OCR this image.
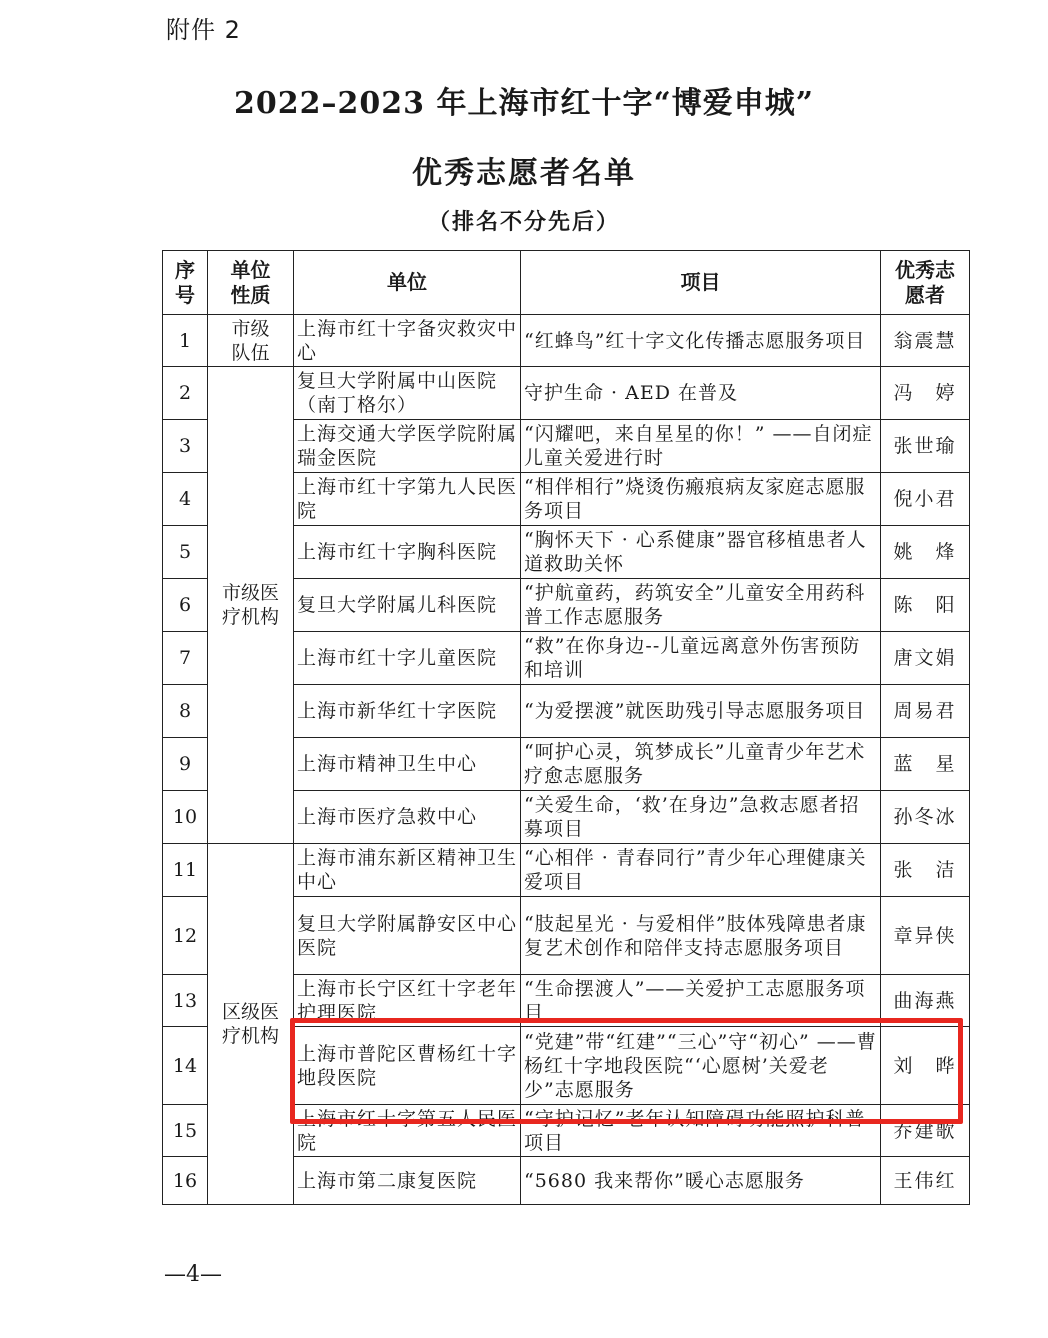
附件 2
2022–2023 年上海市红十字“博爱申城”
优秀志愿者名单
（排名不分先后）
序号	单位性质	单位	项目	优秀志愿者

1	市级队伍	上海市红十字备灾救灾中心	“红蜂鸟”红十字文化传播志愿服务项目	翁震慧
2	市级医疗机构	复旦大学附属中山医院（南丁格尔）	守护生命 · AED 在普及	冯　婷
3		上海交通大学医学院附属瑞金医院	“闪耀吧，来自星星的你！” ——自闭症儿童关爱进行时	张世瑜
4		上海市红十字第九人民医院	“相伴相行”烧烫伤瘢痕病友家庭志愿服务项目	倪小君
5		上海市红十字胸科医院	“胸怀天下 · 心系健康”器官移植患者人道救助关怀	姚　烽
6		复旦大学附属儿科医院	“护航童药，药筑安全”儿童安全用药科普工作志愿服务	陈　阳
7		上海市红十字儿童医院	“救”在你身边--儿童远离意外伤害预防和培训	唐文娟
8		上海市新华红十字医院	“为爱摆渡”就医助残引导志愿服务项目	周易君
9		上海市精神卫生中心	“呵护心灵，筑梦成长”儿童青少年艺术疗愈志愿服务	蓝　星
10		上海市医疗急救中心	“关爱生命，‘救’在身边”急救志愿者招募项目	孙冬冰
11	区级医疗机构	上海市浦东新区精神卫生中心	“心相伴 · 青春同行”青少年心理健康关爱项目	张　洁
12		复旦大学附属静安区中心医院	“肢起星光 · 与爱相伴”肢体残障患者康复艺术创作和陪伴支持志愿服务项目	章异侠
13		上海市长宁区红十字老年护理医院	“生命摆渡人”——关爱护工志愿服务项目	曲海燕
14		上海市普陀区曹杨红十字地段医院	“党建”带“红建”“三心”守“初心” ——曹杨红十字地段医院“‘心愿树’关爱老少”志愿服务	刘　晔
15		上海市红十字第五人民医院	“守护记忆”老年认知障碍功能照护科普项目	乔建歌
16		上海市第二康复医院	“5680 我来帮你”暖心志愿服务	王伟红
—4—
